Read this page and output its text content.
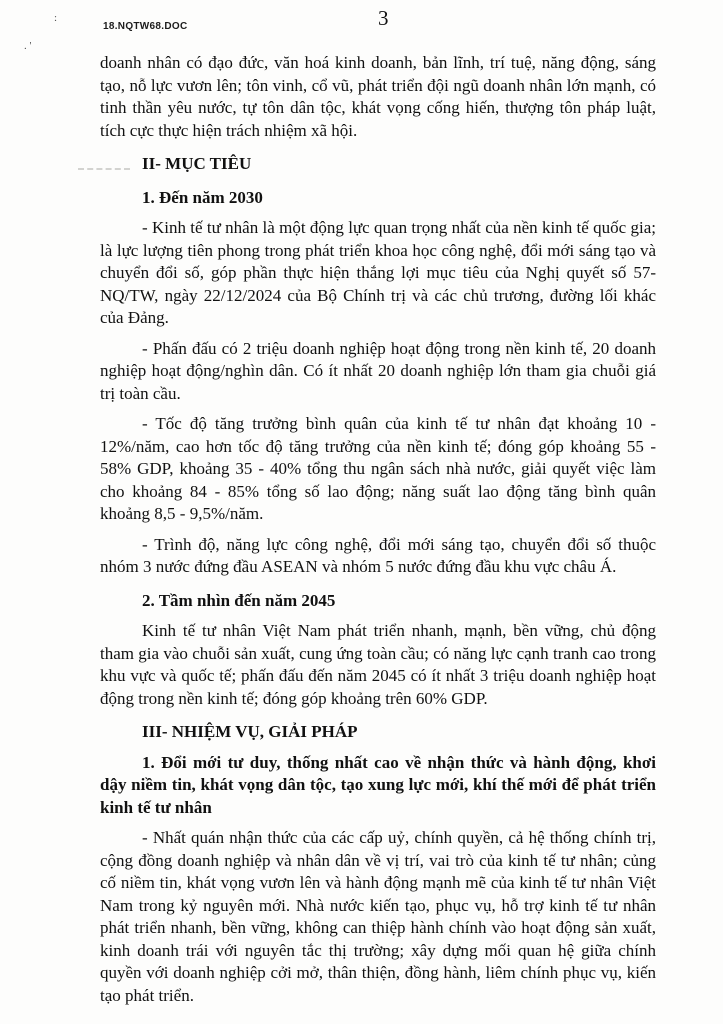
:
. '
18.NQTW68.DOC	3

doanh nhân có đạo đức, văn hoá kinh doanh, bản lĩnh, trí tuệ, năng động, sáng tạo, nỗ lực vươn lên; tôn vinh, cổ vũ, phát triển đội ngũ doanh nhân lớn mạnh, có tinh thần yêu nước, tự tôn dân tộc, khát vọng cống hiến, thượng tôn pháp luật, tích cực thực hiện trách nhiệm xã hội.

II- MỤC TIÊU
1. Đến năm 2030

- Kinh tế tư nhân là một động lực quan trọng nhất của nền kinh tế quốc gia; là lực lượng tiên phong trong phát triển khoa học công nghệ, đổi mới sáng tạo và chuyển đổi số, góp phần thực hiện thắng lợi mục tiêu của Nghị quyết số 57-NQ/TW, ngày 22/12/2024 của Bộ Chính trị và các chủ trương, đường lối khác của Đảng.

- Phấn đấu có 2 triệu doanh nghiệp hoạt động trong nền kinh tế, 20 doanh nghiệp hoạt động/nghìn dân. Có ít nhất 20 doanh nghiệp lớn tham gia chuỗi giá trị toàn cầu.

- Tốc độ tăng trưởng bình quân của kinh tế tư nhân đạt khoảng 10 - 12%/năm, cao hơn tốc độ tăng trưởng của nền kinh tế; đóng góp khoảng 55 - 58% GDP, khoảng 35 - 40% tổng thu ngân sách nhà nước, giải quyết việc làm cho khoảng 84 - 85% tổng số lao động; năng suất lao động tăng bình quân khoảng 8,5 - 9,5%/năm.

- Trình độ, năng lực công nghệ, đổi mới sáng tạo, chuyển đổi số thuộc nhóm 3 nước đứng đầu ASEAN và nhóm 5 nước đứng đầu khu vực châu Á.

2. Tầm nhìn đến năm 2045

Kinh tế tư nhân Việt Nam phát triển nhanh, mạnh, bền vững, chủ động tham gia vào chuỗi sản xuất, cung ứng toàn cầu; có năng lực cạnh tranh cao trong khu vực và quốc tế; phấn đấu đến năm 2045 có ít nhất 3 triệu doanh nghiệp hoạt động trong nền kinh tế; đóng góp khoảng trên 60% GDP.

III- NHIỆM VỤ, GIẢI PHÁP

1. Đổi mới tư duy, thống nhất cao về nhận thức và hành động, khơi dậy niềm tin, khát vọng dân tộc, tạo xung lực mới, khí thế mới để phát triển kinh tế tư nhân

- Nhất quán nhận thức của các cấp uỷ, chính quyền, cả hệ thống chính trị, cộng đồng doanh nghiệp và nhân dân về vị trí, vai trò của kinh tế tư nhân; củng cố niềm tin, khát vọng vươn lên và hành động mạnh mẽ của kinh tế tư nhân Việt Nam trong kỷ nguyên mới. Nhà nước kiến tạo, phục vụ, hỗ trợ kinh tế tư nhân phát triển nhanh, bền vững, không can thiệp hành chính vào hoạt động sản xuất, kinh doanh trái với nguyên tắc thị trường; xây dựng mối quan hệ giữa chính quyền với doanh nghiệp cởi mở, thân thiện, đồng hành, liêm chính phục vụ, kiến tạo phát triển.
